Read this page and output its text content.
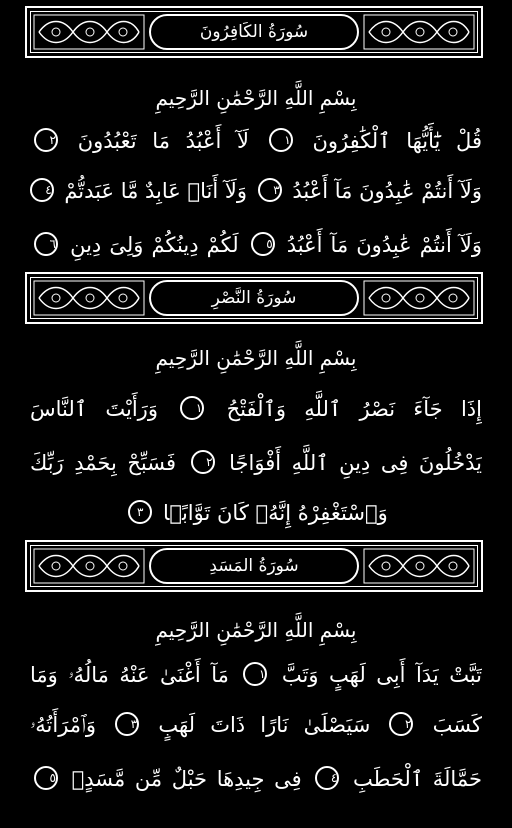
سُورَةُ الكَافِرُونَ
بِسْمِ اللَّهِ الرَّحْمَٰنِ الرَّحِيمِ
قُلْ يَٰٓأَيُّهَا ٱلْكَٰفِرُونَ ١ لَآ أَعْبُدُ مَا تَعْبُدُونَ ٢
وَلَآ أَنتُمْ عَٰبِدُونَ مَآ أَعْبُدُ ٣ وَلَآ أَنَا۠ عَابِدٌ مَّا عَبَدتُّمْ ٤
وَلَآ أَنتُمْ عَٰبِدُونَ مَآ أَعْبُدُ ٥ لَكُمْ دِينُكُمْ وَلِىَ دِينِ ٦
سُورَةُ النَّصْرِ
بِسْمِ اللَّهِ الرَّحْمَٰنِ الرَّحِيمِ
إِذَا جَآءَ نَصْرُ ٱللَّهِ وَٱلْفَتْحُ ١ وَرَأَيْتَ ٱلنَّاسَ
يَدْخُلُونَ فِى دِينِ ٱللَّهِ أَفْوَاجًا ٢ فَسَبِّحْ بِحَمْدِ رَبِّكَ
وَٱسْتَغْفِرْهُ إِنَّهُۥ كَانَ تَوَّابًۢا ٣
سُورَةُ المَسَدِ
بِسْمِ اللَّهِ الرَّحْمَٰنِ الرَّحِيمِ
تَبَّتْ يَدَآ أَبِى لَهَبٍ وَتَبَّ ١ مَآ أَغْنَىٰ عَنْهُ مَالُهُۥ وَمَا
كَسَبَ ٢ سَيَصْلَىٰ نَارًا ذَاتَ لَهَبٍ ٣ وَٱمْرَأَتُهُۥ
حَمَّالَةَ ٱلْحَطَبِ ٤ فِى جِيدِهَا حَبْلٌ مِّن مَّسَدٍۭ ٥
